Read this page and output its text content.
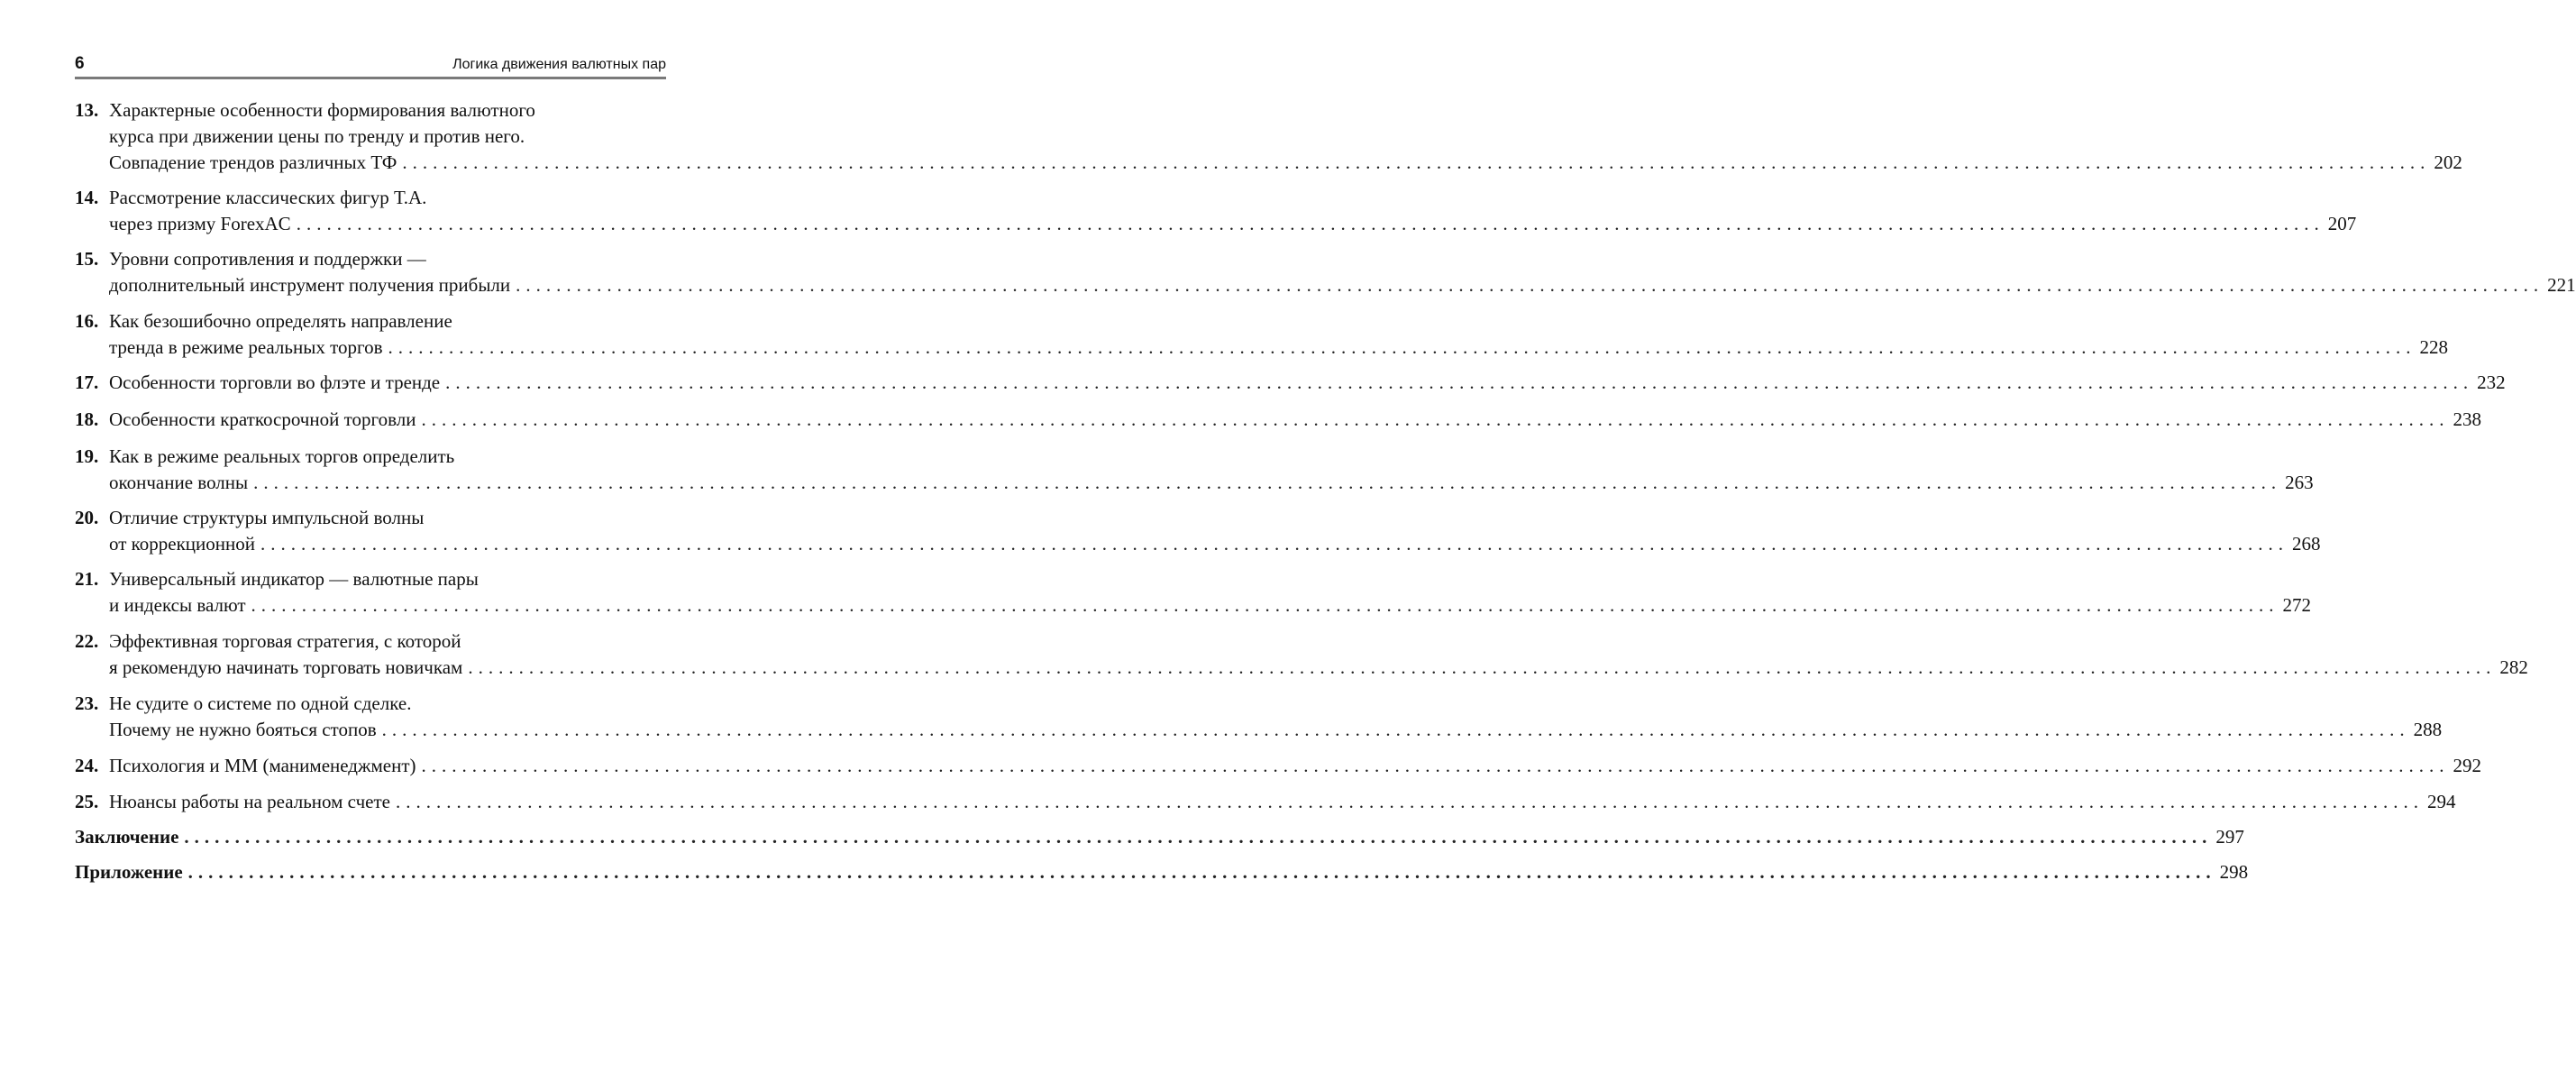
6	Логика движения валютных пар
13. Характерные особенности формирования валютного
курса при движении цены по тренду и против него.
Совпадение трендов различных ТФ ........................................................................................................................................................................................................ 202
14. Рассмотрение классических фигур Т.А.
через призму ForexAC ........................................................................................................................................................................................................ 207
15. Уровни сопротивления и поддержки —
дополнительный инструмент получения прибыли ........................................................................................................................................................................................................ 221
16. Как безошибочно определять направление
тренда в режиме реальных торгов ........................................................................................................................................................................................................ 228
17. Особенности торговли во флэте и тренде ........................................................................................................................................................................................................ 232
18. Особенности краткосрочной торговли ........................................................................................................................................................................................................ 238
19. Как в режиме реальных торгов определить
окончание волны ........................................................................................................................................................................................................ 263
20. Отличие структуры импульсной волны
от коррекционной ........................................................................................................................................................................................................ 268
21. Универсальный индикатор — валютные пары
и индексы валют ........................................................................................................................................................................................................ 272
22. Эффективная торговая стратегия, с которой
я рекомендую начинать торговать новичкам ........................................................................................................................................................................................................ 282
23. Не судите о системе по одной сделке.
Почему не нужно бояться стопов ........................................................................................................................................................................................................ 288
24. Психология и ММ (манименеджмент) ........................................................................................................................................................................................................ 292
25. Нюансы работы на реальном счете ........................................................................................................................................................................................................ 294
Заключение ........................................................................................................................................................................................................ 297
Приложение ........................................................................................................................................................................................................ 298
